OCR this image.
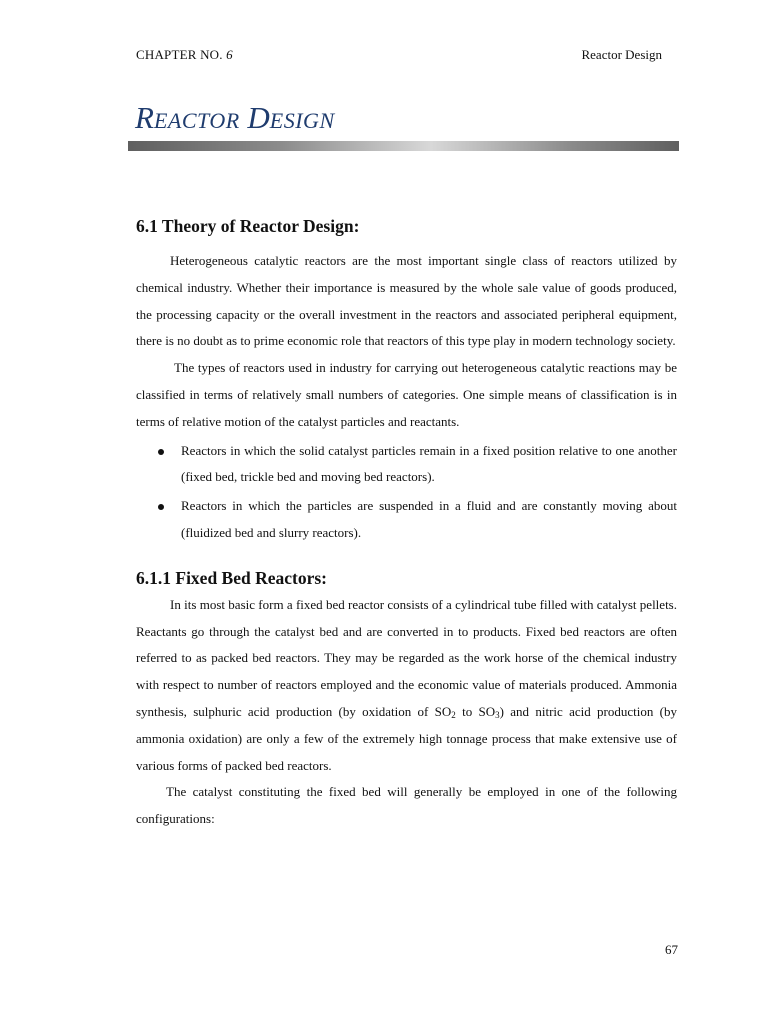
CHAPTER NO. 6	Reactor Design
REACTOR DESIGN
6.1 Theory of Reactor Design:

Heterogeneous catalytic reactors are the most important single class of reactors utilized by chemical industry. Whether their importance is measured by the whole sale value of goods produced, the processing capacity or the overall investment in the reactors and associated peripheral equipment, there is no doubt as to prime economic role that reactors of this type play in modern technology society.

The types of reactors used in industry for carrying out heterogeneous catalytic reactions may be classified in terms of relatively small numbers of categories. One simple means of classification is in terms of relative motion of the catalyst particles and reactants.

Reactors in which the solid catalyst particles remain in a fixed position relative to one another (fixed bed, trickle bed and moving bed reactors).
Reactors in which the particles are suspended in a fluid and are constantly moving about (fluidized bed and slurry reactors).
6.1.1 Fixed Bed Reactors:

In its most basic form a fixed bed reactor consists of a cylindrical tube filled with catalyst pellets. Reactants go through the catalyst bed and are converted in to products. Fixed bed reactors are often referred to as packed bed reactors. They may be regarded as the work horse of the chemical industry with respect to number of reactors employed and the economic value of materials produced. Ammonia synthesis, sulphuric acid production (by oxidation of $SO_2$ to $SO_3$) and nitric acid production (by ammonia oxidation) are only a few of the extremely high tonnage process that make extensive use of various forms of packed bed reactors.

The catalyst constituting the fixed bed will generally be employed in one of the following configurations:

67
